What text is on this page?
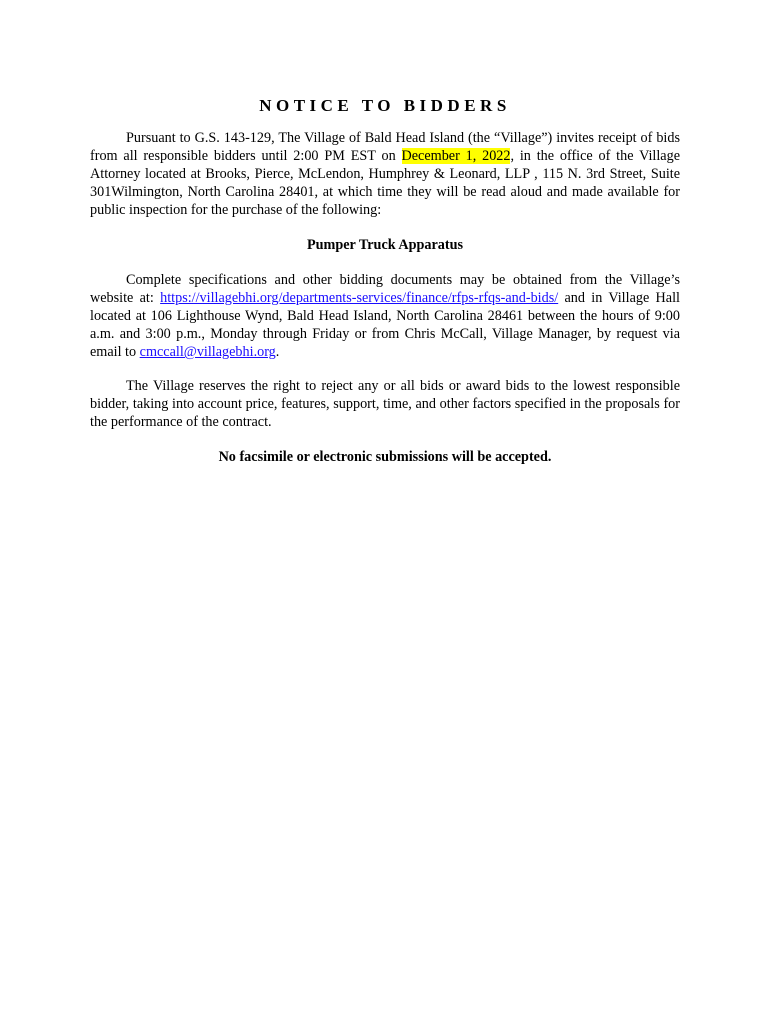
NOTICE TO BIDDERS

Pursuant to G.S. 143-129, The Village of Bald Head Island (the “Village”) invites receipt of bids from all responsible bidders until 2:00 PM EST on December 1, 2022, in the office of the Village Attorney located at Brooks, Pierce, McLendon, Humphrey & Leonard, LLP , 115 N. 3rd Street, Suite 301Wilmington, North Carolina 28401, at which time they will be read aloud and made available for public inspection for the purchase of the following:

Pumper Truck Apparatus

Complete specifications and other bidding documents may be obtained from the Village’s website at: https://villagebhi.org/departments-services/finance/rfps-rfqs-and-bids/ and in Village Hall located at 106 Lighthouse Wynd, Bald Head Island, North Carolina 28461 between the hours of 9:00 a.m. and 3:00 p.m., Monday through Friday or from Chris McCall, Village Manager, by request via email to cmccall@villagebhi.org.

The Village reserves the right to reject any or all bids or award bids to the lowest responsible bidder, taking into account price, features, support, time, and other factors specified in the proposals for the performance of the contract.

No facsimile or electronic submissions will be accepted.
